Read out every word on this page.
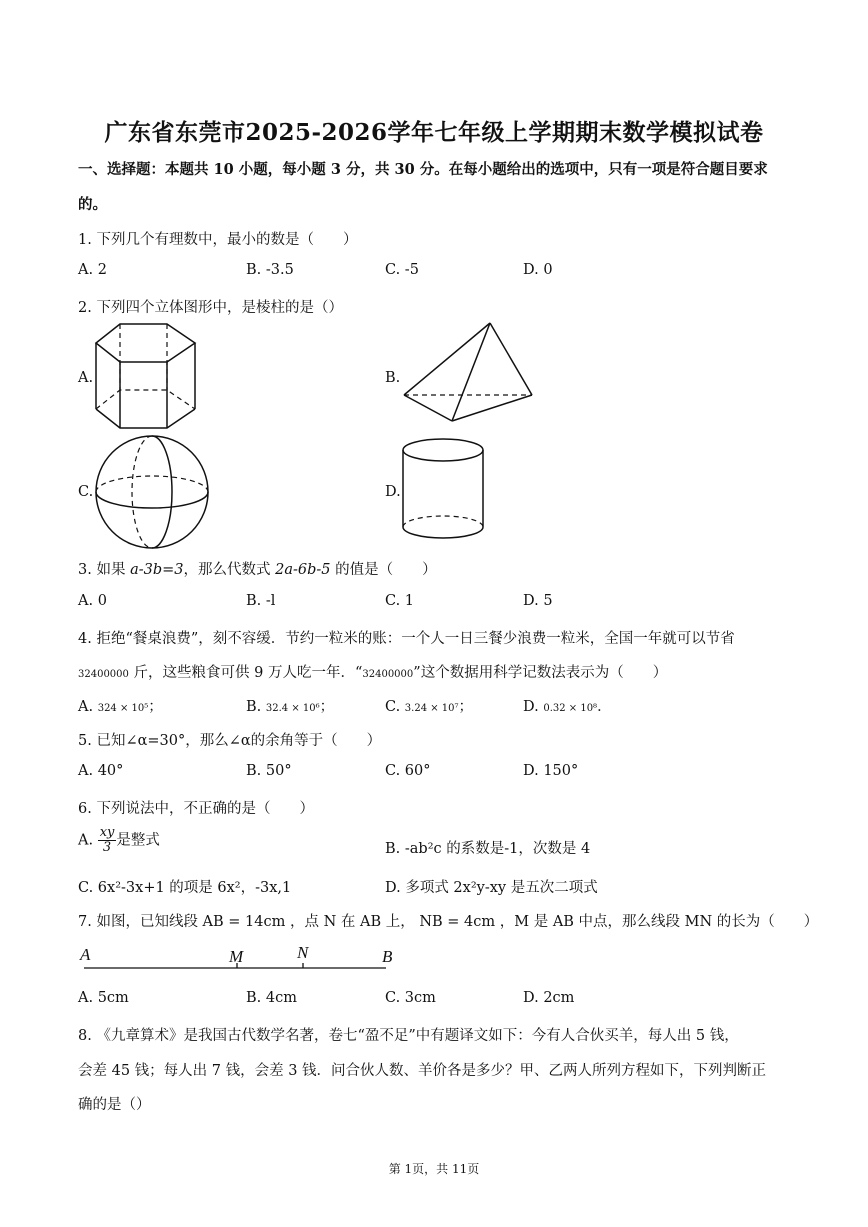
广东省东莞市2025-2026学年七年级上学期期末数学模拟试卷
一、选择题：本题共 10 小题，每小题 3 分，共 30 分。在每小题给出的选项中，只有一项是符合题目要求
的。
1. 下列几个有理数中，最小的数是（　　）
A. 2	B. -3.5	C. -5	D. 0
2. 下列四个立体图形中，是棱柱的是（）
A.	B.
C.	D.
3. 如果 a-3b=3，那么代数式 2a-6b-5 的值是（　　）
A. 0	B. -l	C. 1	D. 5
4. 拒绝“餐桌浪费”，刻不容缓．节约一粒米的账：一个人一日三餐少浪费一粒米，全国一年就可以节省
32400000 斤，这些粮食可供 9 万人吃一年．“32400000”这个数据用科学记数法表示为（　　）
A. 324 × 10⁵；	B. 32.4 × 10⁶；	C. 3.24 × 10⁷；	D. 0.32 × 10⁸．
5. 已知∠α=30°，那么∠α的余角等于（　　）
A. 40°	B. 50°	C. 60°	D. 150°
6. 下列说法中，不正确的是（　　）
A. $\frac{xy}{3}$ 是整式
B. -ab²c 的系数是-1，次数是 4
C. 6x²-3x+1 的项是 6x²，-3x,1	D. 多项式 2x²y-xy 是五次二项式
7. 如图，已知线段 AB = 14cm ，点 N 在 AB 上， NB = 4cm ，M 是 AB 中点，那么线段 MN 的长为（　　）
A	M	N	B
A. 5cm	B. 4cm	C. 3cm	D. 2cm
8. 《九章算术》是我国古代数学名著，卷七“盈不足”中有题译文如下：今有人合伙买羊，每人出 5 钱，
会差 45 钱；每人出 7 钱，会差 3 钱．问合伙人数、羊价各是多少？甲、乙两人所列方程如下，下列判断正
确的是（）
第 1页，共 11页
